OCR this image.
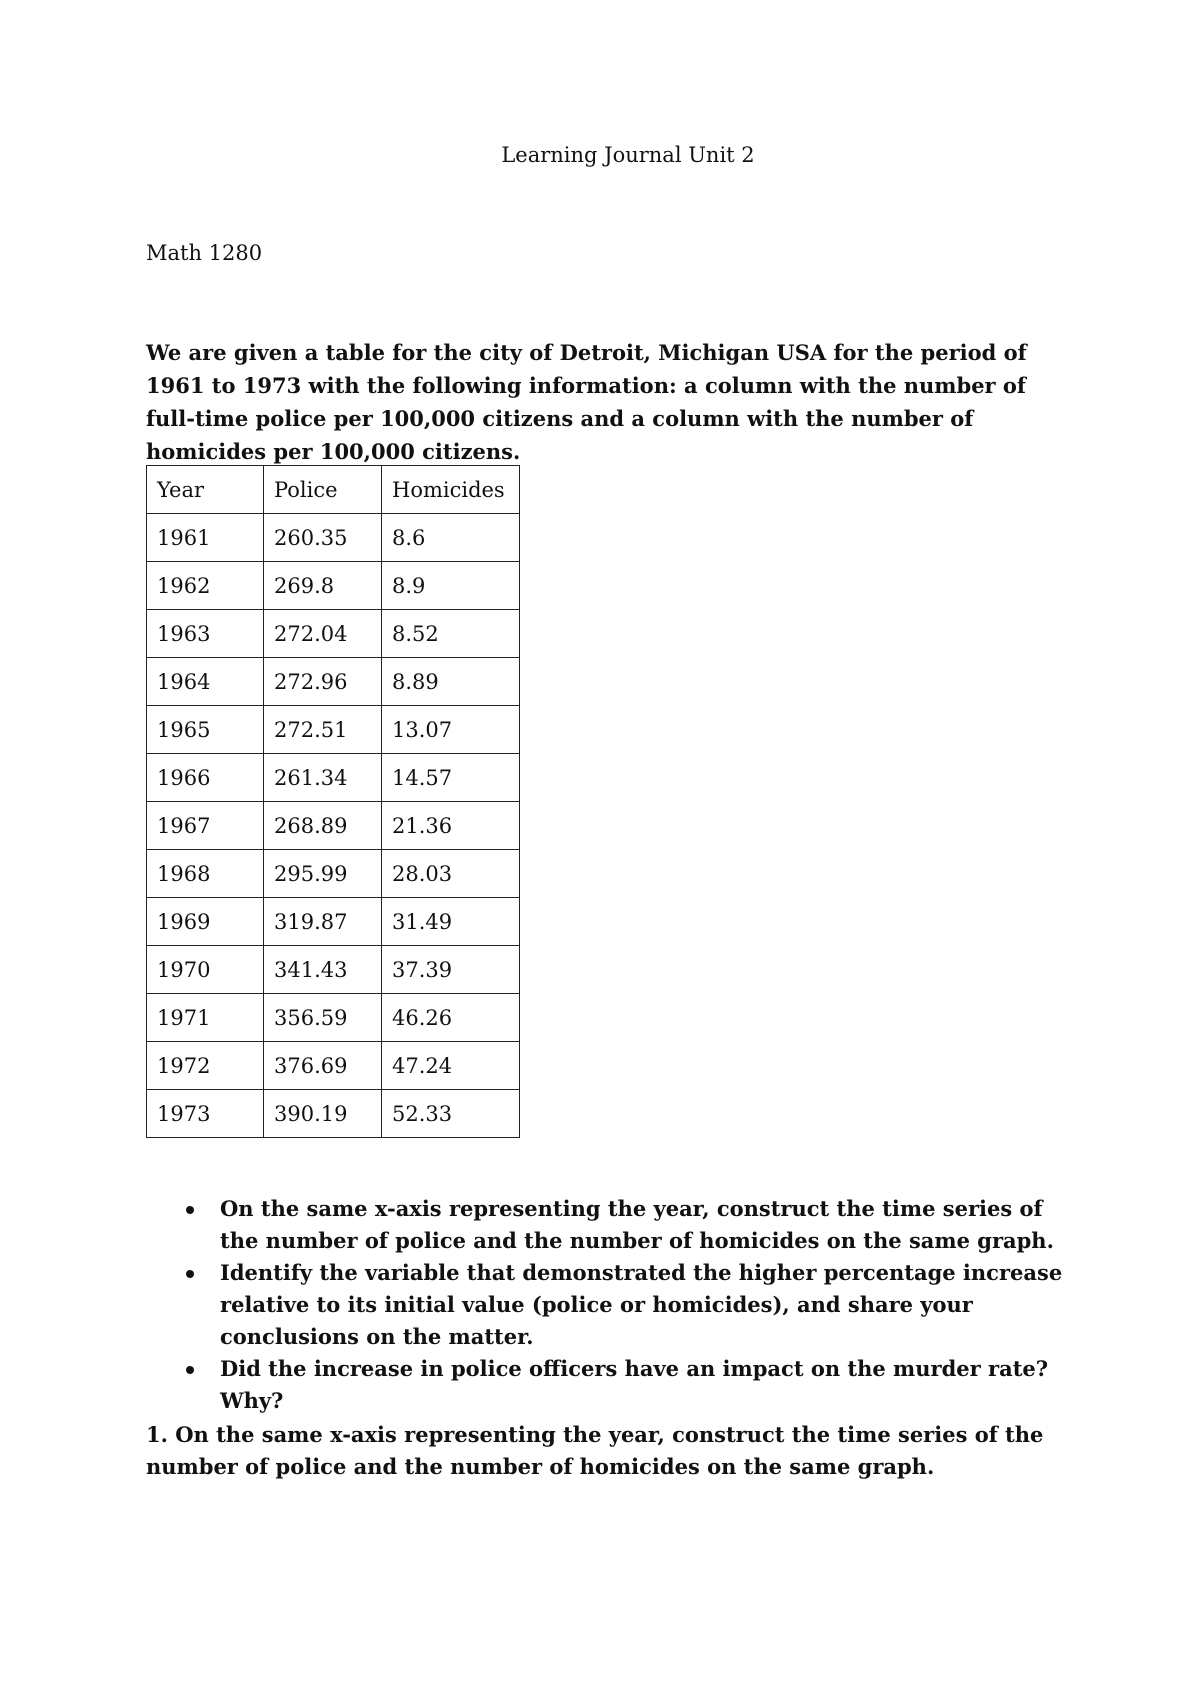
Learning Journal Unit 2

Math 1280

We are given a table for the city of Detroit, Michigan USA for the period of 1961 to 1973 with the following information: a column with the number of full-time police per 100,000 citizens and a column with the number of homicides per 100,000 citizens.

Year	Police	Homicides
1961	260.35	8.6
1962	269.8	8.9
1963	272.04	8.52
1964	272.96	8.89
1965	272.51	13.07
1966	261.34	14.57
1967	268.89	21.36
1968	295.99	28.03
1969	319.87	31.49
1970	341.43	37.39
1971	356.59	46.26
1972	376.69	47.24
1973	390.19	52.33
On the same x-axis representing the year, construct the time series of the number of police and the number of homicides on the same graph.
Identify the variable that demonstrated the higher percentage increase relative to its initial value (police or homicides), and share your conclusions on the matter.
Did the increase in police officers have an impact on the murder rate? Why?

1. On the same x-axis representing the year, construct the time series of the number of police and the number of homicides on the same graph.
